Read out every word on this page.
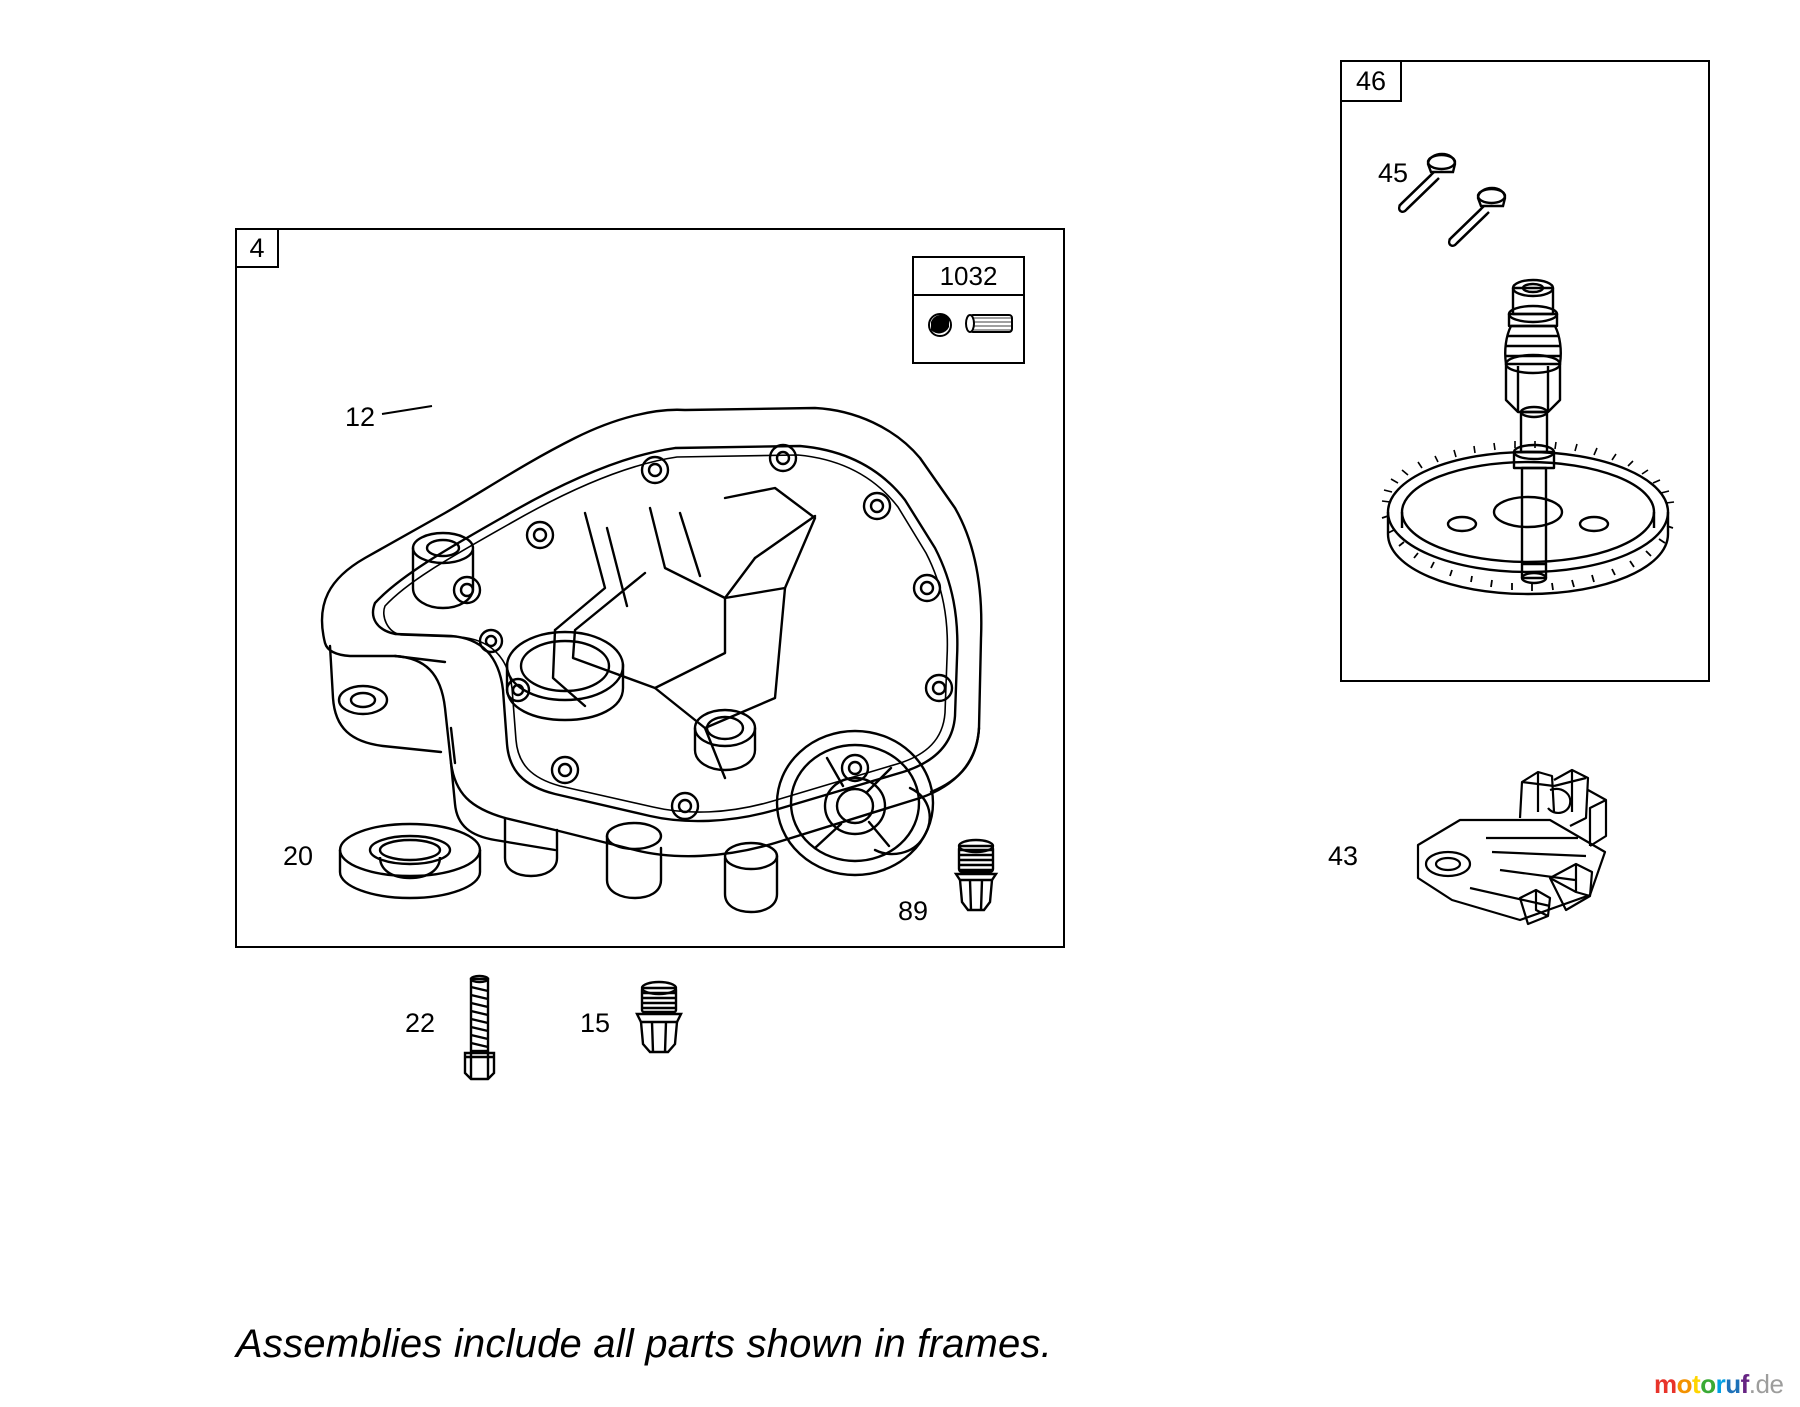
4
1032
12
20
89
22	15
46
45
43
Assemblies include all parts shown in frames.
motoruf.de
